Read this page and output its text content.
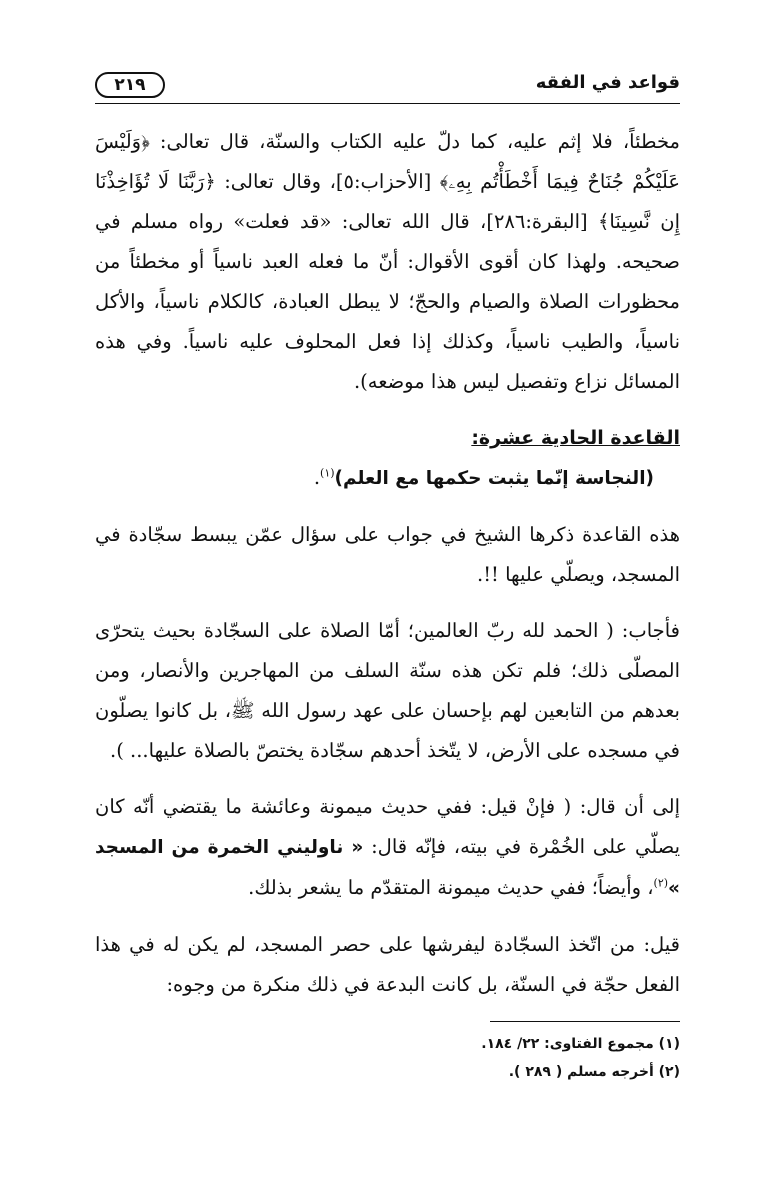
قواعد في الفقه
٢١٩

مخطئاً، فلا إثم عليه، كما دلّ عليه الكتاب والسنّة، قال تعالى: ﴿وَلَيْسَ عَلَيْكُمْ جُنَاحٌ فِيمَا أَخْطَأْتُم بِهِۦ﴾ [الأحزاب:٥]، وقال تعالى: ﴿رَبَّنَا لَا تُؤَاخِذْنَا إِن نَّسِينَا﴾ [البقرة:٢٨٦]، قال الله تعالى: «قد فعلت» رواه مسلم في صحيحه. ولهذا كان أقوى الأقوال: أنّ ما فعله العبد ناسياً أو مخطئاً من محظورات الصلاة والصيام والحجّ؛ لا يبطل العبادة، كالكلام ناسياً، والأكل ناسياً، والطيب ناسياً، وكذلك إذا فعل المحلوف عليه ناسياً. وفي هذه المسائل نزاع وتفصيل ليس هذا موضعه).

القاعدة الحادية عشرة:

(النجاسة إنّما يثبت حكمها مع العلم)$^{(١)}$.

هذه القاعدة ذكرها الشيخ في جواب على سؤال عمّن يبسط سجّادة في المسجد، ويصلّي عليها !!.

فأجاب: ( الحمد لله ربّ العالمين؛ أمّا الصلاة على السجّادة بحيث يتحرّى المصلّى ذلك؛ فلم تكن هذه سنّة السلف من المهاجرين والأنصار، ومن بعدهم من التابعين لهم بإحسان على عهد رسول الله ﷺ، بل كانوا يصلّون في مسجده على الأرض، لا يتّخذ أحدهم سجّادة يختصّ بالصلاة عليها... ).

إلى أن قال: ( فإنْ قيل: ففي حديث ميمونة وعائشة ما يقتضي أنّه كان يصلّي على الخُمْرة في بيته، فإنّه قال: « ناوليني الخمرة من المسجد »$^{(٢)}$، وأيضاً؛ ففي حديث ميمونة المتقدّم ما يشعر بذلك.

قيل: من اتّخذ السجّادة ليفرشها على حصر المسجد، لم يكن له في هذا الفعل حجّة في السنّة، بل كانت البدعة في ذلك منكرة من وجوه:

(١) مجموع الفتاوى: ٢٢/ ١٨٤.

(٢) أخرجه مسلم ( ٢٨٩ ).
